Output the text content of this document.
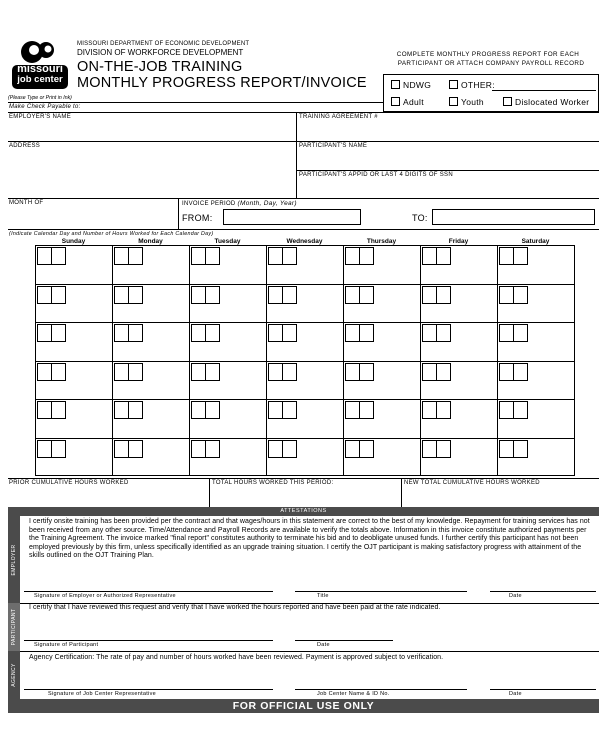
missouri
job center
MISSOURI DEPARTMENT OF ECONOMIC DEVELOPMENT
DIVISION OF WORKFORCE DEVELOPMENT
ON-THE-JOB TRAINING
MONTHLY PROGRESS REPORT/INVOICE
(Please Type or Print in Ink)
COMPLETE MONTHLY PROGRESS REPORT FOR EACH
PARTICIPANT OR ATTACH COMPANY PAYROLL RECORD
NDWG	OTHER:
Adult	Youth	Dislocated Worker
Make Check Payable to:
EMPLOYER'S NAME	TRAINING AGREEMENT #
ADDRESS	PARTICIPANT'S NAME
PARTICIPANT'S APPID OR LAST 4 DIGITS OF SSN
MONTH OF	INVOICE PERIOD (Month, Day, Year)
FROM:	TO:
(Indicate Calendar Day and Number of Hours Worked for Each Calendar Day)
Sunday	Monday	Tuesday	Wednesday	Thursday	Friday	Saturday
PRIOR CUMULATIVE HOURS WORKED	TOTAL HOURS WORKED THIS PERIOD:	NEW TOTAL CUMULATIVE HOURS WORKED
ATTESTATIONS
EMPLOYER
I certify onsite training has been provided per the contract and that wages/hours in this statement are correct to the best of my knowledge. Repayment for training services has not been received from any other source. Time/Attendance and Payroll Records are available to verify the totals above. Information in this invoice constitute authorized payments per the Training Agreement. The invoice marked "final report" constitutes authority to terminate his bid and to deobligate unused funds. I further certify this participant has not been employed previously by this firm, unless specifically identified as an upgrade training situation. I certify the OJT participant is making satisfactory progress with attainment of the skills outlined on the OJT Training Plan.
Signature of Employer or Authorized Representative	Title	Date
PARTICIPANT
I certify that I have reviewed this request and verify that I have worked the hours reported and have been paid at the rate indicated.
Signature of Participant	Date
AGENCY
Agency Certification: The rate of pay and number of hours worked have been reviewed. Payment is approved subject to verification.
Signature of Job Center Representative	Job Center Name & ID No.	Date
FOR OFFICIAL USE ONLY
